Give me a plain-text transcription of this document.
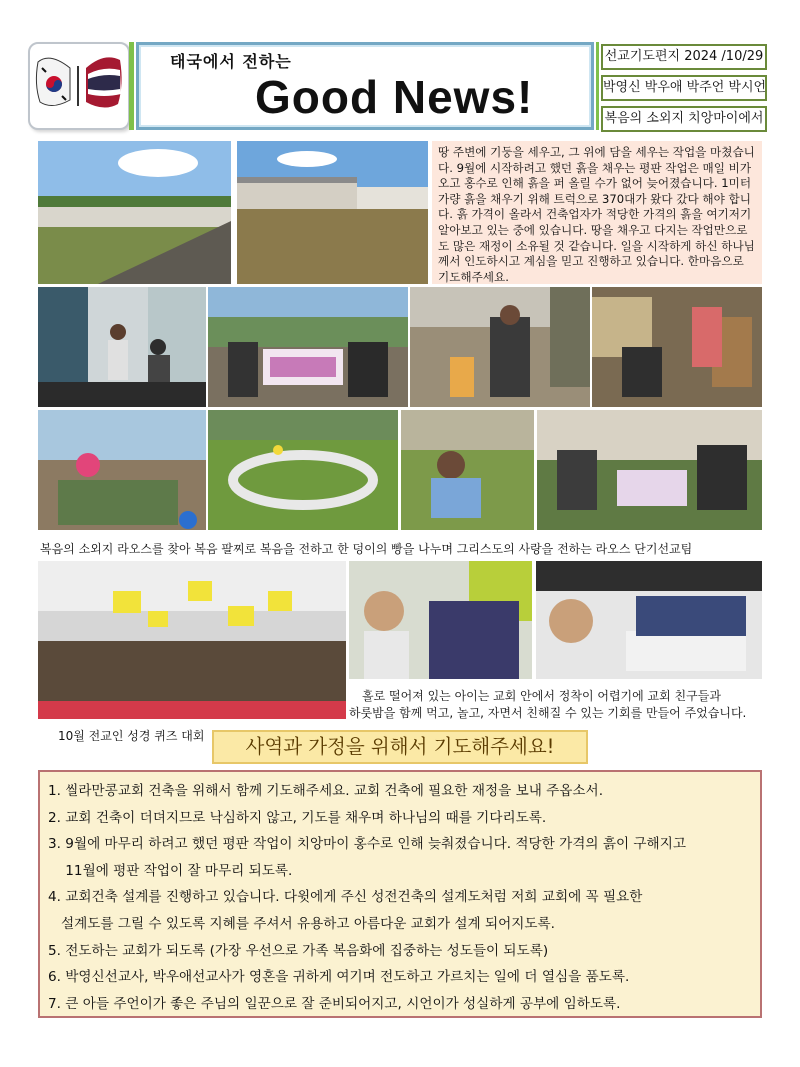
태국에서 전하는
Good News!
선교기도편지 2024 /10/29
박영신 박우애 박주언 박시언
복음의 소외지 치앙마이에서
땅 주변에 기둥을 세우고, 그 위에 담을 세우는 작업을 마쳤습니다. 9월에 시작하려고 했던 흙을 채우는 평판 작업은 매일 비가 오고 홍수로 인해 흙을 퍼 올릴 수가 없어 늦어졌습니다. 1미터 가량 흙을 채우기 위해 트럭으로 370대가 왔다 갔다 해야 합니다. 흙 가격이 올라서 건축업자가 적당한 가격의 흙을 여기저기 알아보고 있는 중에 있습니다. 땅을 채우고 다지는 작업만으로도 많은 재정이 소유될 것 같습니다. 일을 시작하게 하신 하나님께서 인도하시고 계심을 믿고 진행하고 있습니다. 한마음으로 기도해주세요.
복음의 소외지 라오스를 찾아 복음 팔찌로 복음을 전하고 한 덩이의 빵을 나누며 그리스도의 사랑을 전하는 라오스 단기선교팀
홀로 떨어져 있는 아이는 교회 안에서 정착이 어렵기에 교회 친구들과
하룻밤을 함께 먹고, 놀고, 자면서 친해질 수 있는 기회를 만들어 주었습니다.
10월 전교인 성경 퀴즈 대회	사역과 가정을 위해서 기도해주세요!
1. 씰라만콩교회 건축을 위해서 함께 기도해주세요. 교회 건축에 필요한 재정을 보내 주옵소서.
2. 교회 건축이 더뎌지므로 낙심하지 않고, 기도를 채우며 하나님의 때를 기다리도록.
3. 9월에 마무리 하려고 했던 평판 작업이 치앙마이 홍수로 인해 늦춰졌습니다. 적당한 가격의 흙이 구해지고
11월에 평판 작업이 잘 마무리 되도록.
4. 교회건축 설계를 진행하고 있습니다. 다윗에게 주신 성전건축의 설계도처럼 저희 교회에 꼭 필요한
설계도를 그릴 수 있도록 지혜를 주셔서 유용하고 아름다운 교회가 설계 되어지도록.
5. 전도하는 교회가 되도록 (가장 우선으로 가족 복음화에 집중하는 성도들이 되도록)
6. 박영신선교사, 박우애선교사가 영혼을 귀하게 여기며 전도하고 가르치는 일에 더 열심을 품도록.
7. 큰 아들 주언이가 좋은 주님의 일꾼으로 잘 준비되어지고, 시언이가 성실하게 공부에 임하도록.
